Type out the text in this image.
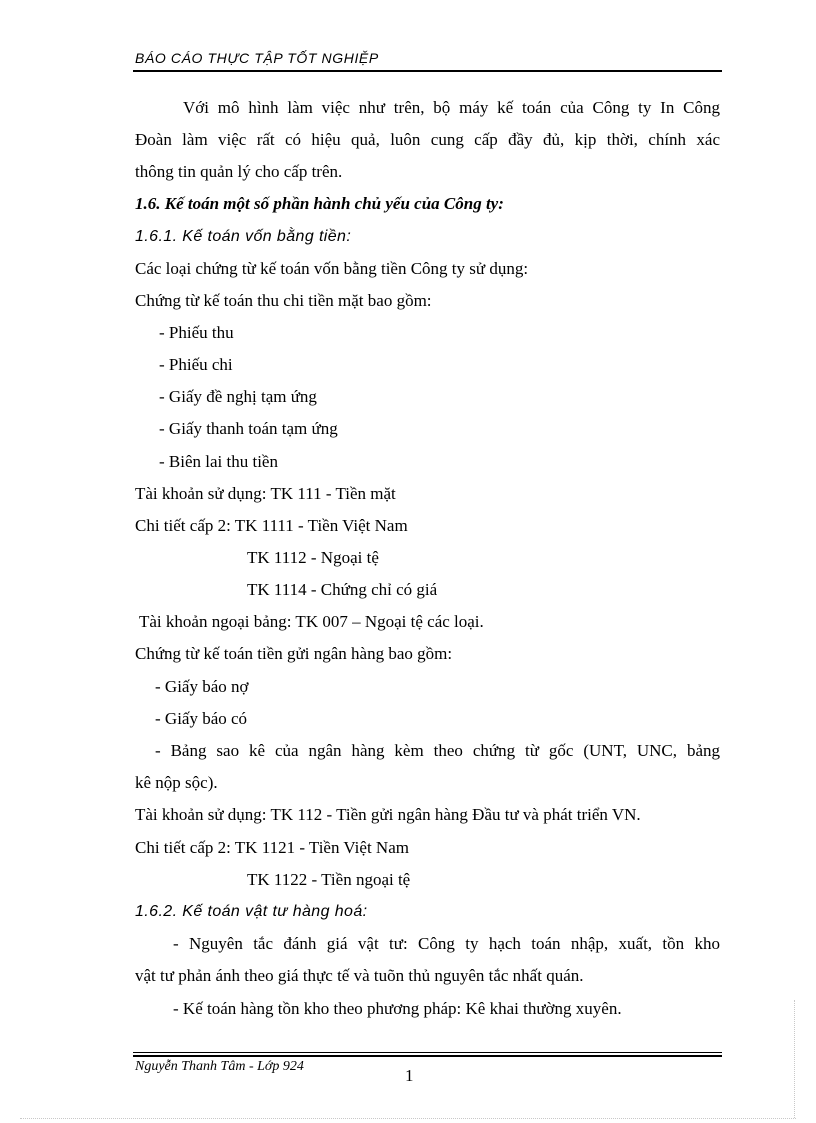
BÁO CÁO THỰC TẬP TỐT NGHIỆP
Với mô hình làm việc như trên, bộ máy kế toán của Công ty In Công
Đoàn làm việc rất có hiệu quả, luôn cung cấp đầy đủ, kịp thời, chính xác
thông tin quản lý cho cấp trên.
1.6. Kế toán một số phần hành chủ yếu của Công ty:
1.6.1. Kế toán vốn bằng tiền:
Các loại chứng từ kế toán vốn bằng tiền Công ty sử dụng:
Chứng từ kế toán thu chi tiền mặt bao gồm:
- Phiếu thu
- Phiếu chi
- Giấy đề nghị tạm ứng
- Giấy thanh toán tạm ứng
- Biên lai thu tiền
Tài khoản sử dụng: TK 111 - Tiền mặt
Chi tiết cấp 2: TK 1111 - Tiền Việt Nam
TK 1112 - Ngoại tệ
TK 1114 - Chứng chỉ có giá
Tài khoản ngoại bảng: TK 007 – Ngoại tệ các loại.
Chứng từ kế toán tiền gửi ngân hàng bao gồm:
- Giấy báo nợ
- Giấy báo có
- Bảng sao kê của ngân hàng kèm theo chứng từ gốc (UNT, UNC, bảng
kê nộp sộc).
Tài khoản sử dụng: TK 112 - Tiền gửi ngân hàng Đầu tư và phát triển VN.
Chi tiết cấp 2: TK 1121 - Tiền Việt Nam
TK 1122 - Tiền ngoại tệ
1.6.2. Kế toán vật tư hàng hoá:
- Nguyên tắc đánh giá vật tư: Công ty hạch toán nhập, xuất, tồn kho
vật tư phản ánh theo giá thực tế và tuõn thủ nguyên tắc nhất quán.
- Kế toán hàng tồn kho theo phương pháp: Kê khai thường xuyên.
Nguyễn Thanh Tâm - Lớp 924	1
